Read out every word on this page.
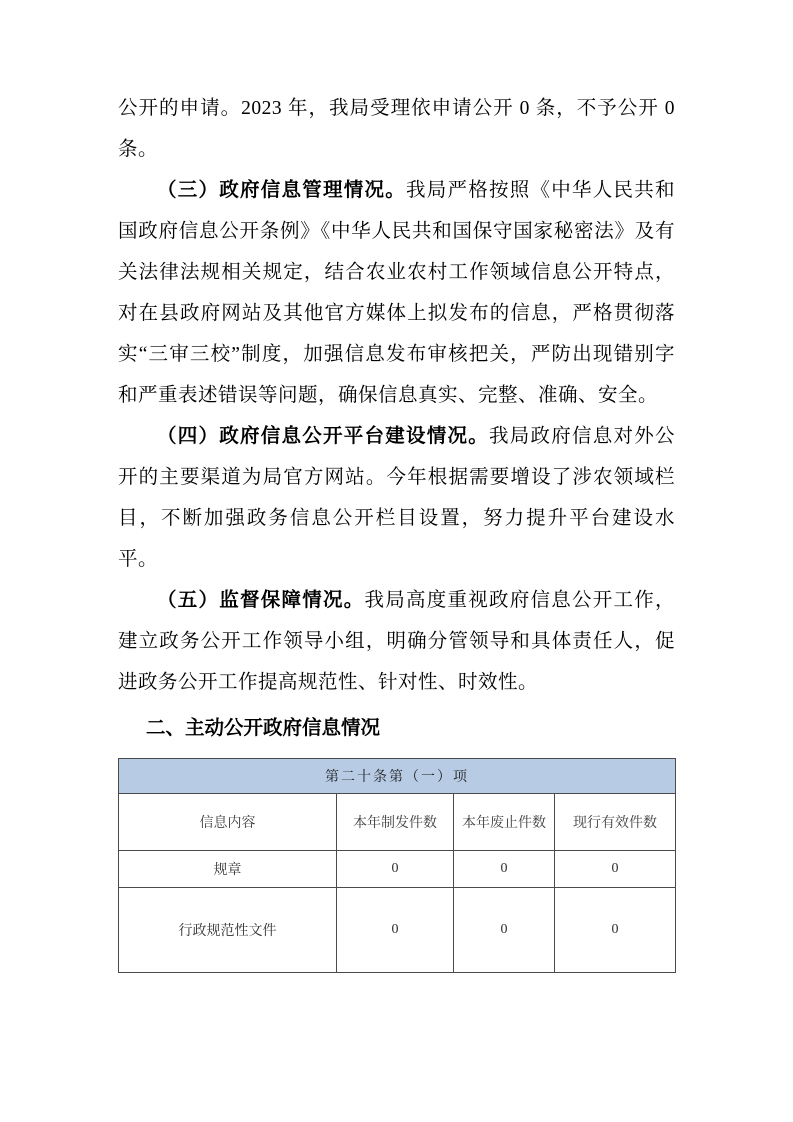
公开的申请。2023 年，我局受理依申请公开 0 条，不予公开 0 条。

（三）政府信息管理情况。我局严格按照《中华人民共和国政府信息公开条例》《中华人民共和国保守国家秘密法》及有关法律法规相关规定，结合农业农村工作领域信息公开特点，对在县政府网站及其他官方媒体上拟发布的信息，严格贯彻落实“三审三校”制度，加强信息发布审核把关，严防出现错别字和严重表述错误等问题，确保信息真实、完整、准确、安全。

（四）政府信息公开平台建设情况。我局政府信息对外公开的主要渠道为局官方网站。今年根据需要增设了涉农领域栏目，不断加强政务信息公开栏目设置，努力提升平台建设水平。

（五）监督保障情况。我局高度重视政府信息公开工作，建立政务公开工作领导小组，明确分管领导和具体责任人，促进政务公开工作提高规范性、针对性、时效性。

二、主动公开政府信息情况
第二十条第（一）项			
信息内容	本年制发件数	本年废止件数	现行有效件数
规章	0	0	0
行政规范性文件	0	0	0
